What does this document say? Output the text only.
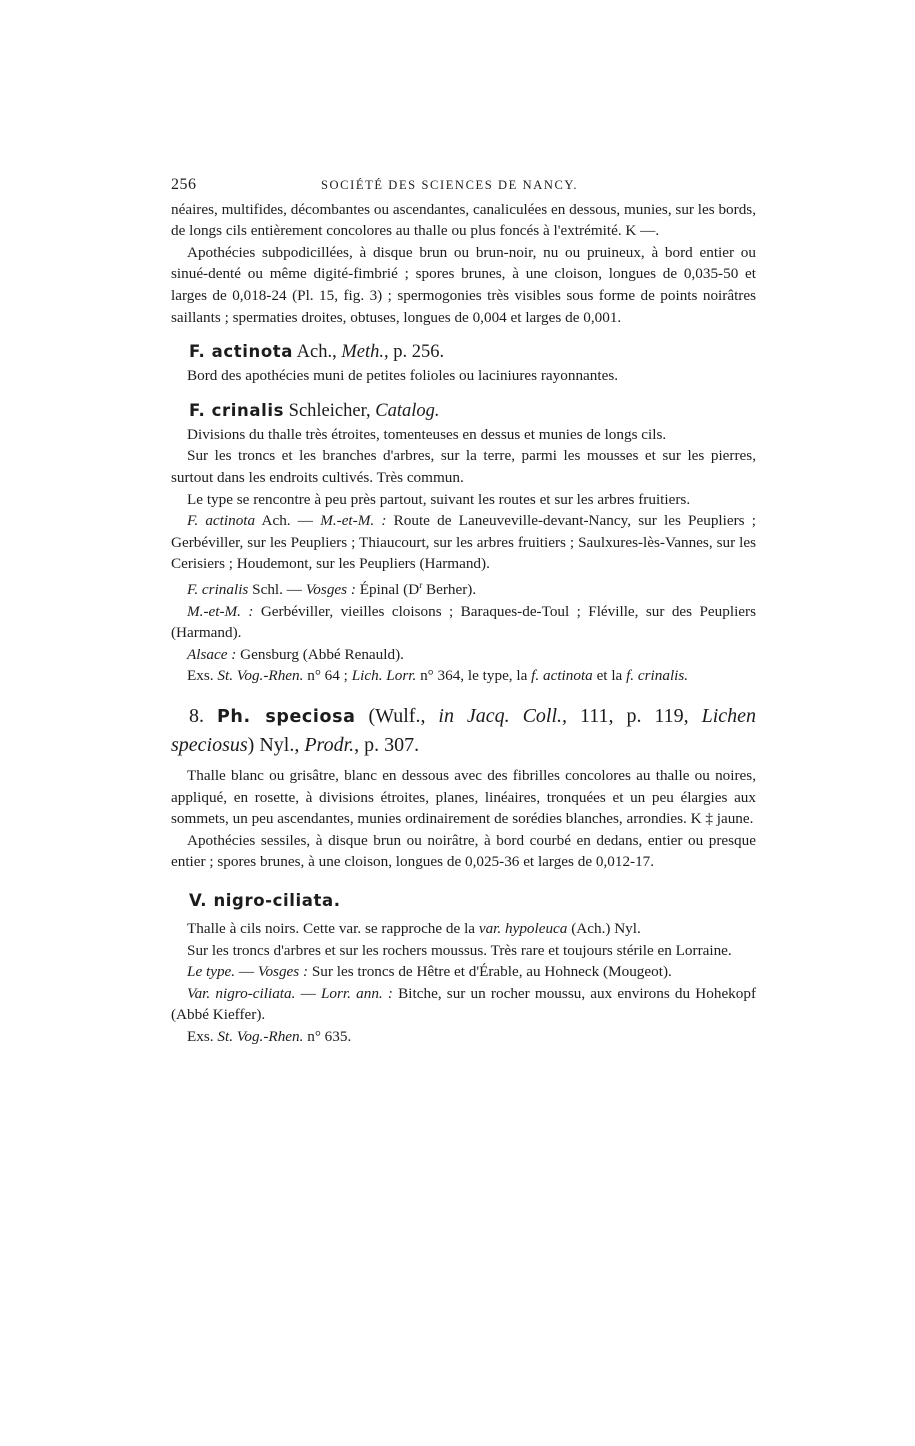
256	SOCIÉTÉ DES SCIENCES DE NANCY.

néaires, multifides, décombantes ou ascendantes, canaliculées en dessous, munies, sur les bords, de longs cils entièrement concolores au thalle ou plus foncés à l'extrémité. K —.

Apothécies subpodicillées, à disque brun ou brun-noir, nu ou pruineux, à bord entier ou sinué-denté ou même digité-fimbrié ; spores brunes, à une cloison, longues de 0,035-50 et larges de 0,018-24 (Pl. 15, fig. 3) ; spermogonies très visibles sous forme de points noirâtres saillants ; spermaties droites, obtuses, longues de 0,004 et larges de 0,001.

F. actinota Ach., Meth., p. 256.

Bord des apothécies muni de petites folioles ou laciniures rayonnantes.

F. crinalis Schleicher, Catalog.

Divisions du thalle très étroites, tomenteuses en dessus et munies de longs cils.

Sur les troncs et les branches d'arbres, sur la terre, parmi les mousses et sur les pierres, surtout dans les endroits cultivés. Très commun.

Le type se rencontre à peu près partout, suivant les routes et sur les arbres fruitiers.

F. actinota Ach. — M.-et-M. : Route de Laneuveville-devant-Nancy, sur les Peupliers ; Gerbéviller, sur les Peupliers ; Thiaucourt, sur les arbres fruitiers ; Saulxures-lès-Vannes, sur les Cerisiers ; Houdemont, sur les Peupliers (Harmand).

F. crinalis Schl. — Vosges : Épinal ($D^r$ Berher).

M.-et-M. : Gerbéviller, vieilles cloisons ; Baraques-de-Toul ; Fléville, sur des Peupliers (Harmand).

Alsace : Gensburg (Abbé Renauld).

Exs. St. Vog.-Rhen. n° 64 ; Lich. Lorr. n° 364, le type, la f. actinota et la f. crinalis.

8. Ph. speciosa (Wulf., in Jacq. Coll., 111, p. 119, Lichen speciosus) Nyl., Prodr., p. 307.

Thalle blanc ou grisâtre, blanc en dessous avec des fibrilles concolores au thalle ou noires, appliqué, en rosette, à divisions étroites, planes, linéaires, tronquées et un peu élargies aux sommets, un peu ascendantes, munies ordinairement de sorédies blanches, arrondies. K ‡ jaune.

Apothécies sessiles, à disque brun ou noirâtre, à bord courbé en dedans, entier ou presque entier ; spores brunes, à une cloison, longues de 0,025-36 et larges de 0,012-17.

V. nigro-ciliata.

Thalle à cils noirs. Cette var. se rapproche de la var. hypoleuca (Ach.) Nyl.

Sur les troncs d'arbres et sur les rochers moussus. Très rare et toujours stérile en Lorraine.

Le type. — Vosges : Sur les troncs de Hêtre et d'Érable, au Hohneck (Mougeot).

Var. nigro-ciliata. — Lorr. ann. : Bitche, sur un rocher moussu, aux environs du Hohekopf (Abbé Kieffer).

Exs. St. Vog.-Rhen. n° 635.
